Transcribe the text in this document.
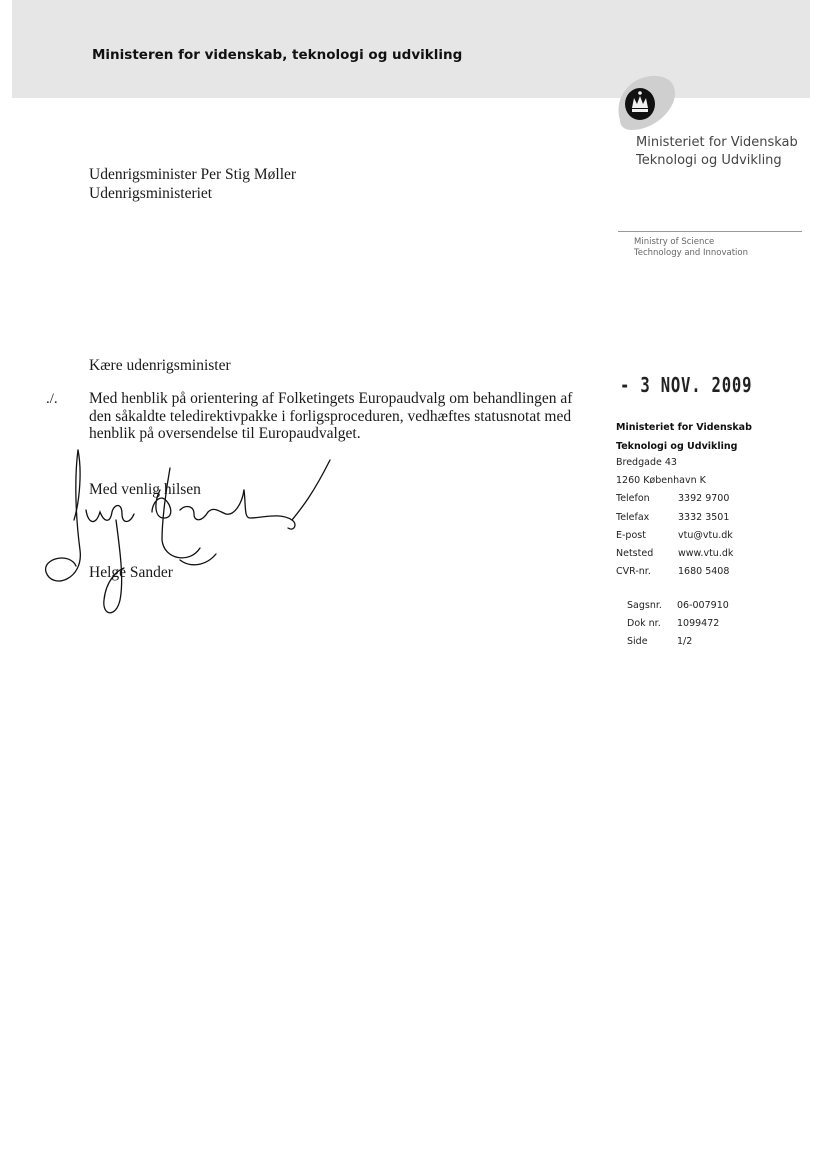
Ministeren for videnskab, teknologi og udvikling
Ministeriet for Videnskab
Teknologi og Udvikling
Ministry of Science
Technology and Innovation
Udenrigsminister Per Stig Møller
Udenrigsministeriet
Kære udenrigsminister
./. Med henblik på orientering af Folketingets Europaudvalg om behandlingen af den såkaldte teledirektivpakke i forligsproceduren, vedhæftes statusnotat med henblik på oversendelse til Europaudvalget.
Med venlig hilsen
Helge Sander
- 3 NOV. 2009
Ministeriet for Videnskab
Teknologi og Udvikling
Bredgade 43
1260 København K
Telefon	3392 9700
Telefax	3332 3501
E-post	vtu@vtu.dk
Netsted	www.vtu.dk
CVR-nr.	1680 5408
Sagsnr. 06-007910
Dok nr. 1099472
Side	1/2
